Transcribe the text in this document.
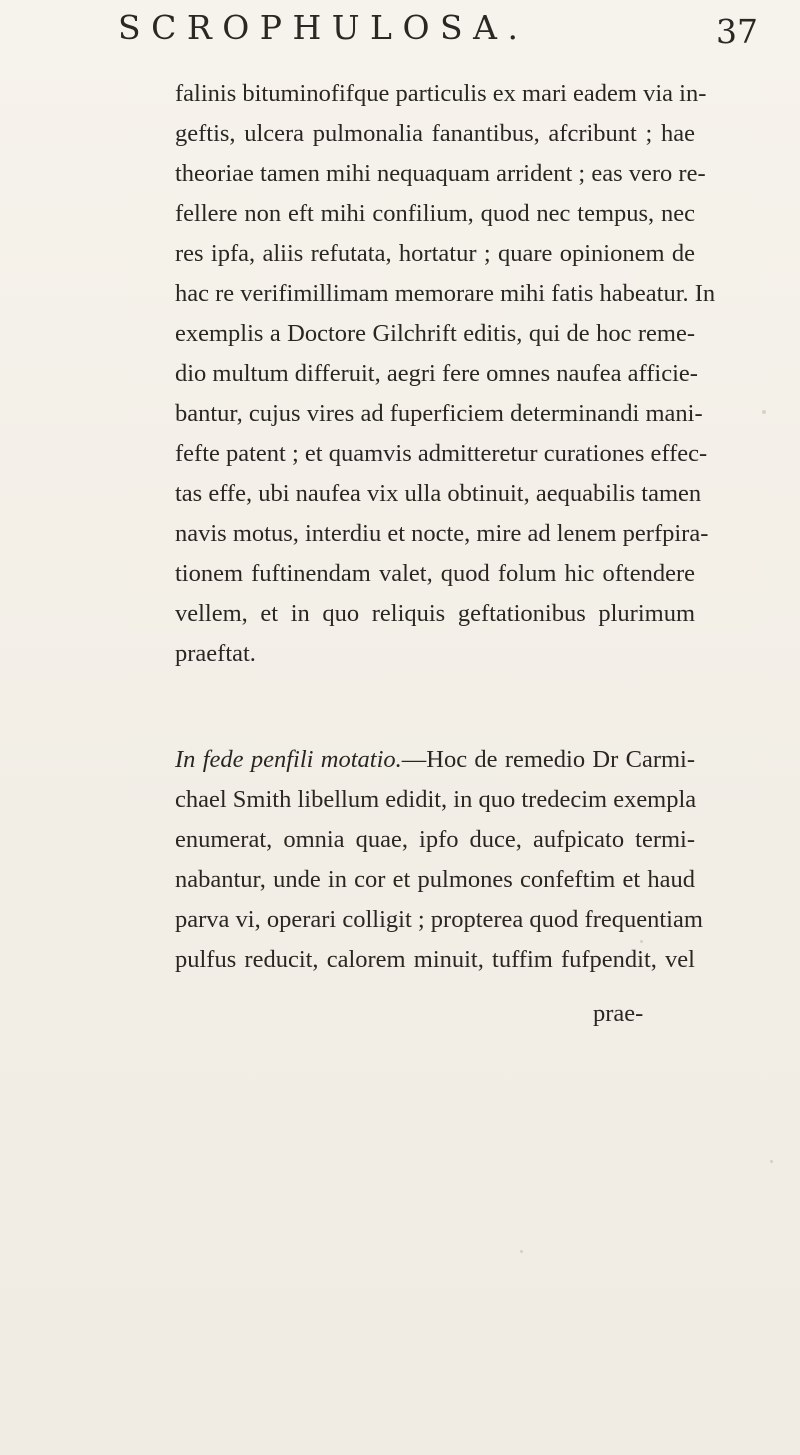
SCROPHULOSA.	37
falinis bituminofifque particulis ex mari eadem via in-
geftis, ulcera pulmonalia fanantibus, afcribunt ; hae
theoriae tamen mihi nequaquam arrident ; eas vero re-
fellere non eft mihi confilium, quod nec tempus, nec
res ipfa, aliis refutata, hortatur ; quare opinionem de
hac re verifimillimam memorare mihi fatis habeatur. In
exemplis a Doctore Gilchrift editis, qui de hoc reme-
dio multum differuit, aegri fere omnes naufea afficie-
bantur, cujus vires ad fuperficiem determinandi mani-
fefte patent ; et quamvis admitteretur curationes effec-
tas effe, ubi naufea vix ulla obtinuit, aequabilis tamen
navis motus, interdiu et nocte, mire ad lenem perfpira-
tionem fuftinendam valet, quod folum hic oftendere
vellem, et in quo reliquis geftationibus plurimum
praeftat.
In fede penfili motatio.—Hoc de remedio Dr Carmi-
chael Smith libellum edidit, in quo tredecim exempla
enumerat, omnia quae, ipfo duce, aufpicato termi-
nabantur, unde in cor et pulmones confeftim et haud
parva vi, operari colligit ; propterea quod frequentiam
pulfus reducit, calorem minuit, tuffim fufpendit, vel
prae-
